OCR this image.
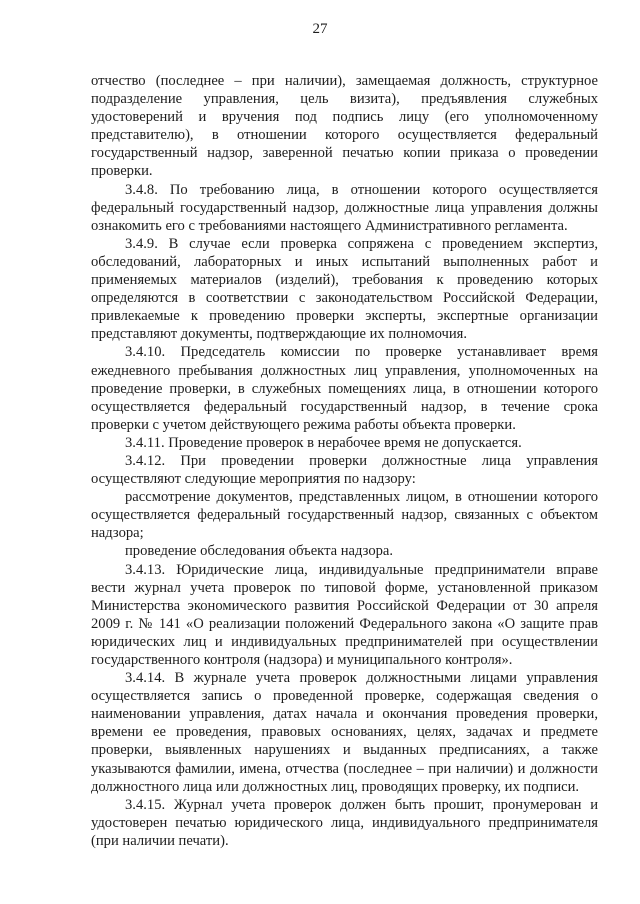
27

отчество (последнее – при наличии), замещаемая должность, структурное подразделение управления, цель визита), предъявления служебных удостоверений и вручения под подпись лицу (его уполномоченному представителю), в отношении которого осуществляется федеральный государственный надзор, заверенной печатью копии приказа о проведении проверки.

3.4.8. По требованию лица, в отношении которого осуществляется федеральный государственный надзор, должностные лица управления должны ознакомить его с требованиями настоящего Административного регламента.

3.4.9. В случае если проверка сопряжена с проведением экспертиз, обследований, лабораторных и иных испытаний выполненных работ и применяемых материалов (изделий), требования к проведению которых определяются в соответствии с законодательством Российской Федерации, привлекаемые к проведению проверки эксперты, экспертные организации представляют документы, подтверждающие их полномочия.

3.4.10. Председатель комиссии по проверке устанавливает время ежедневного пребывания должностных лиц управления, уполномоченных на проведение проверки, в служебных помещениях лица, в отношении которого осуществляется федеральный государственный надзор, в течение срока проверки с учетом действующего режима работы объекта проверки.

3.4.11. Проведение проверок в нерабочее время не допускается.

3.4.12. При проведении проверки должностные лица управления осуществляют следующие мероприятия по надзору:

рассмотрение документов, представленных лицом, в отношении которого осуществляется федеральный государственный надзор, связанных с объектом надзора;

проведение обследования объекта надзора.

3.4.13. Юридические лица, индивидуальные предприниматели вправе вести журнал учета проверок по типовой форме, установленной приказом Министерства экономического развития Российской Федерации от 30 апреля 2009 г. № 141 «О реализации положений Федерального закона «О защите прав юридических лиц и индивидуальных предпринимателей при осуществлении государственного контроля (надзора) и муниципального контроля».

3.4.14. В журнале учета проверок должностными лицами управления осуществляется запись о проведенной проверке, содержащая сведения о наименовании управления, датах начала и окончания проведения проверки, времени ее проведения, правовых основаниях, целях, задачах и предмете проверки, выявленных нарушениях и выданных предписаниях, а также указываются фамилии, имена, отчества (последнее – при наличии) и должности должностного лица или должностных лиц, проводящих проверку, их подписи.

3.4.15. Журнал учета проверок должен быть прошит, пронумерован и удостоверен печатью юридического лица, индивидуального предпринимателя (при наличии печати).
